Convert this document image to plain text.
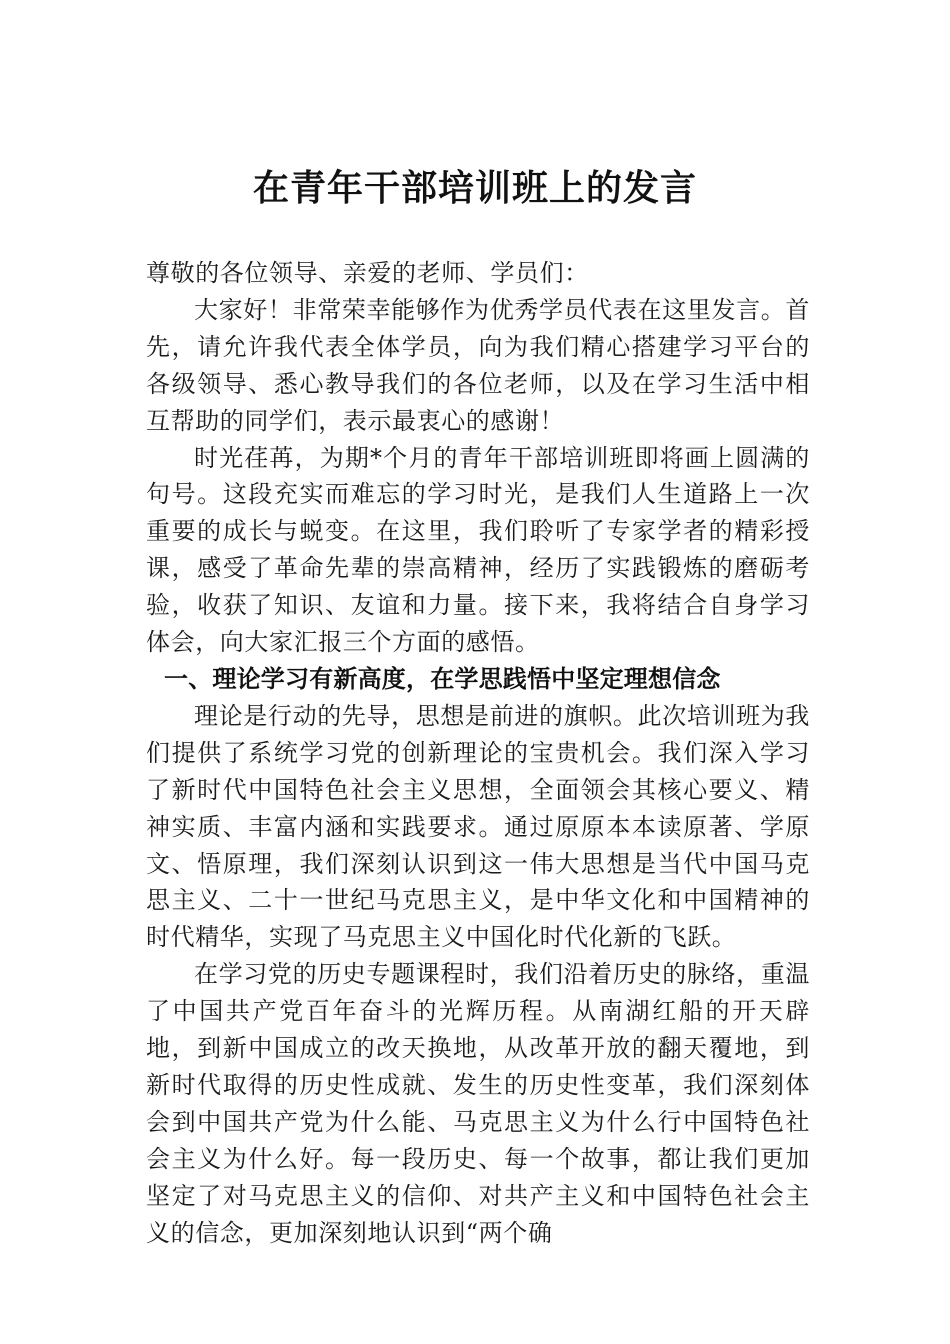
在青年干部培训班上的发言

尊敬的各位领导、亲爱的老师、学员们：

大家好！非常荣幸能够作为优秀学员代表在这里发言。首先，请允许我代表全体学员，向为我们精心搭建学习平台的各级领导、悉心教导我们的各位老师，以及在学习生活中相互帮助的同学们，表示最衷心的感谢！

时光荏苒，为期*个月的青年干部培训班即将画上圆满的句号。这段充实而难忘的学习时光，是我们人生道路上一次重要的成长与蜕变。在这里，我们聆听了专家学者的精彩授课，感受了革命先辈的崇高精神，经历了实践锻炼的磨砺考验，收获了知识、友谊和力量。接下来，我将结合自身学习体会，向大家汇报三个方面的感悟。

一、理论学习有新高度，在学思践悟中坚定理想信念

理论是行动的先导，思想是前进的旗帜。此次培训班为我们提供了系统学习党的创新理论的宝贵机会。我们深入学习了新时代中国特色社会主义思想，全面领会其核心要义、精神实质、丰富内涵和实践要求。通过原原本本读原著、学原文、悟原理，我们深刻认识到这一伟大思想是当代中国马克思主义、二十一世纪马克思主义，是中华文化和中国精神的时代精华，实现了马克思主义中国化时代化新的飞跃。

在学习党的历史专题课程时，我们沿着历史的脉络，重温了中国共产党百年奋斗的光辉历程。从南湖红船的开天辟地，到新中国成立的改天换地，从改革开放的翻天覆地，到新时代取得的历史性成就、发生的历史性变革，我们深刻体会到中国共产党为什么能、马克思主义为什么行中国特色社会主义为什么好。每一段历史、每一个故事，都让我们更加坚定了对马克思主义的信仰、对共产主义和中国特色社会主义的信念，更加深刻地认识到“两个确
